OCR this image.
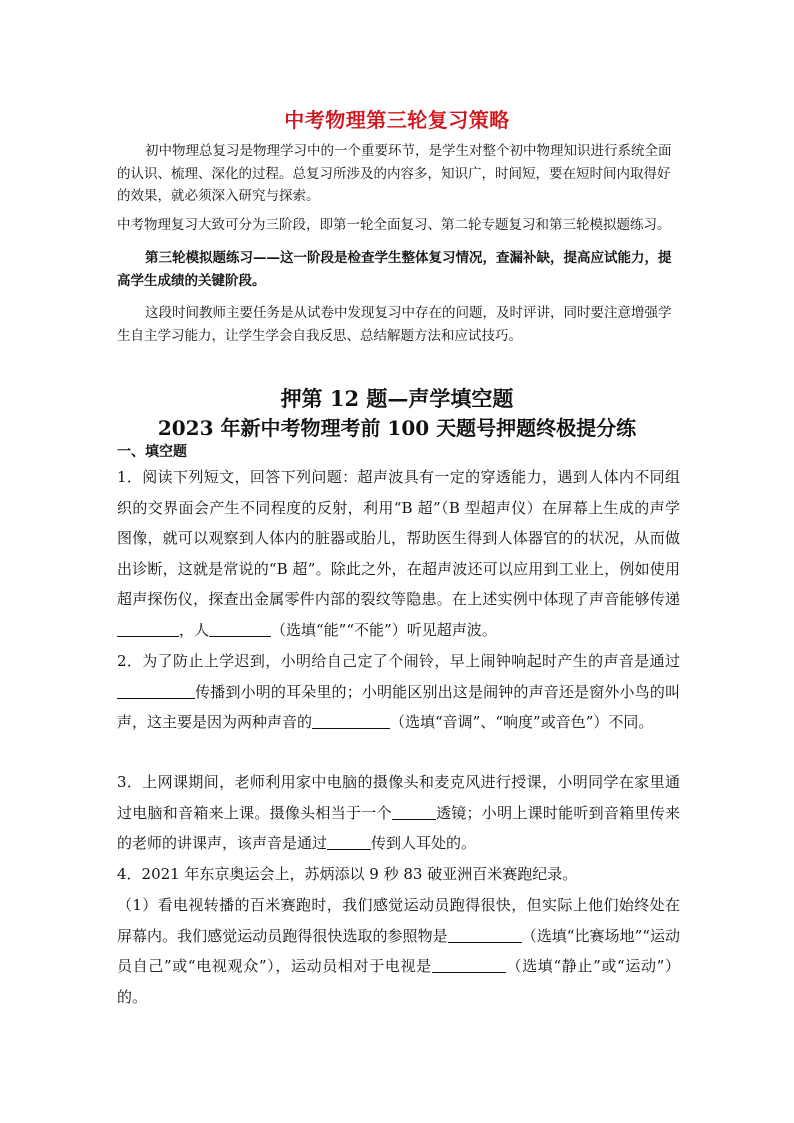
中考物理第三轮复习策略

初中物理总复习是物理学习中的一个重要环节，是学生对整个初中物理知识进行系统全面的认识、梳理、深化的过程。总复习所涉及的内容多，知识广，时间短，要在短时间内取得好的效果，就必须深入研究与探索。

中考物理复习大致可分为三阶段，即第一轮全面复习、第二轮专题复习和第三轮模拟题练习。

第三轮模拟题练习——这一阶段是检查学生整体复习情况，查漏补缺，提高应试能力，提高学生成绩的关键阶段。

这段时间教师主要任务是从试卷中发现复习中存在的问题，及时评讲，同时要注意增强学生自主学习能力，让学生学会自我反思、总结解题方法和应试技巧。

押第 12 题—声学填空题
2023 年新中考物理考前 100 天题号押题终极提分练
一、填空题

1．阅读下列短文，回答下列问题：超声波具有一定的穿透能力，遇到人体内不同组织的交界面会产生不同程度的反射，利用“B 超”（B 型超声仪）在屏幕上生成的声学图像，就可以观察到人体内的脏器或胎儿，帮助医生得到人体器官的的状况，从而做出诊断，这就是常说的“B 超”。除此之外，在超声波还可以应用到工业上，例如使用超声探伤仪，探查出金属零件内部的裂纹等隐患。在上述实例中体现了声音能够传递，人	（选填“能”“不能”）听见超声波。

2．为了防止上学迟到，小明给自己定了个闹铃，早上闹钟响起时产生的声音是通过传播到小明的耳朵里的；小明能区别出这是闹钟的声音还是窗外小鸟的叫声，这主要是因为两种声音的	（选填“音调”、“响度”或音色”）不同。

3．上网课期间，老师利用家中电脑的摄像头和麦克风进行授课，小明同学在家里通过电脑和音箱来上课。摄像头相当于一个	透镜；小明上课时能听到音箱里传来的老师的讲课声，该声音是通过	传到人耳处的。

4．2021 年东京奥运会上，苏炳添以 9 秒 83 破亚洲百米赛跑纪录。

（1）看电视转播的百米赛跑时，我们感觉运动员跑得很快，但实际上他们始终处在屏幕内。我们感觉运动员跑得很快选取的参照物是	（选填“比赛场地”“运动员自己”或“电视观众”），运动员相对于电视是	（选填“静止”或“运动”）的。
